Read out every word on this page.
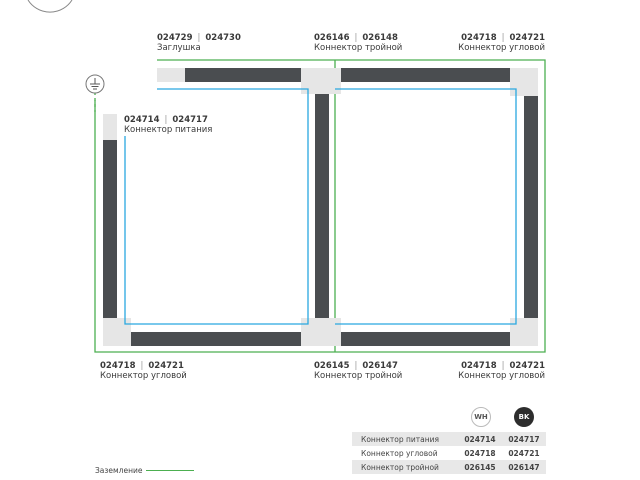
024729 | 024730
Заглушка
026146 | 026148
Коннектор тройной
024718 | 024721
Коннектор угловой
024714 | 024717
Коннектор питания
024718 | 024721
Коннектор угловой
026145 | 026147
Коннектор тройной
024718 | 024721
Коннектор угловой
WH	BK
Коннектор питания	024714	024717
Коннектор угловой	024718	024721
Коннектор тройной	026145	026147
Заземление
